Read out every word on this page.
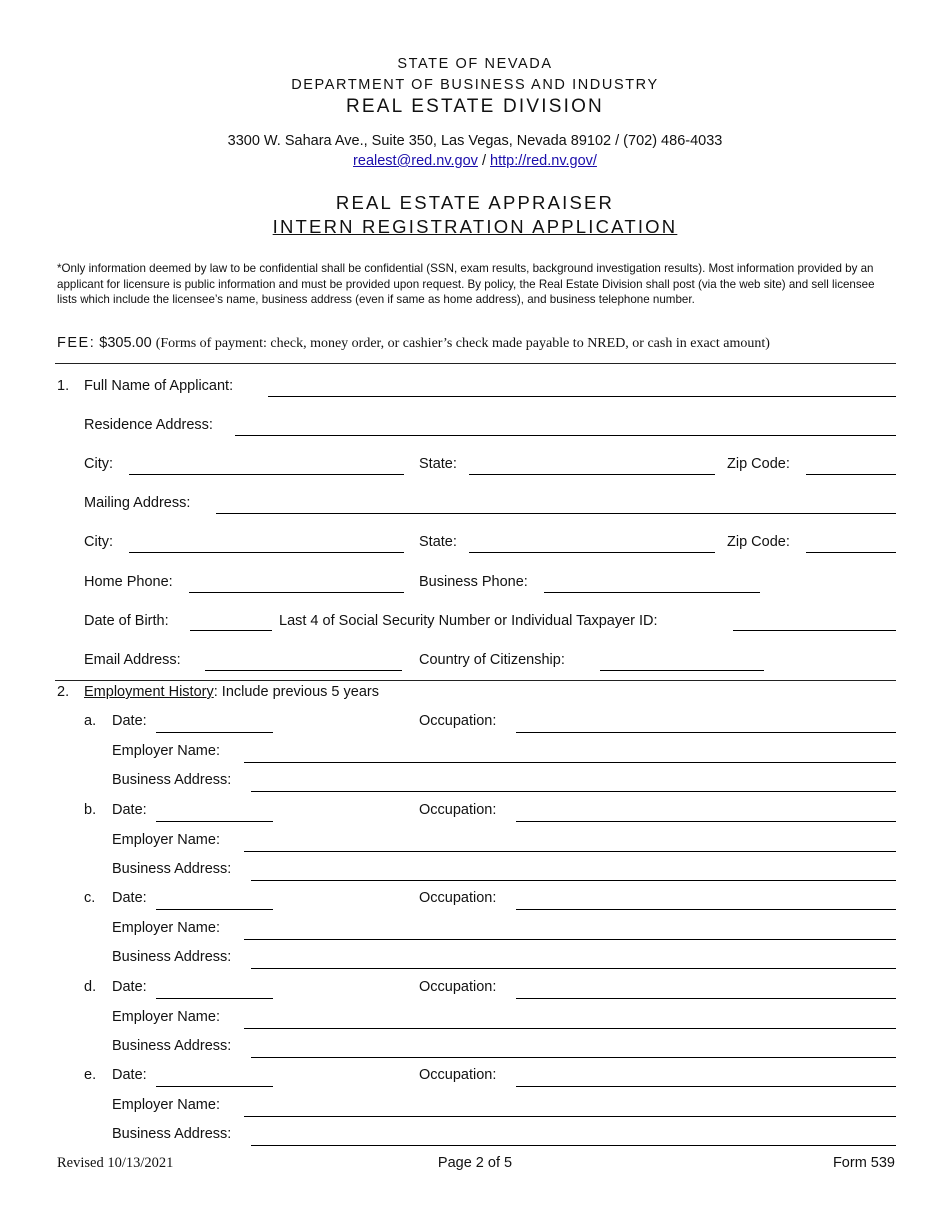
STATE OF NEVADA
DEPARTMENT OF BUSINESS AND INDUSTRY
REAL ESTATE DIVISION
3300 W. Sahara Ave., Suite 350, Las Vegas, Nevada 89102 / (702) 486-4033
realest@red.nv.gov / http://red.nv.gov/
REAL ESTATE APPRAISER
INTERN REGISTRATION APPLICATION
*Only information deemed by law to be confidential shall be confidential (SSN, exam results, background investigation results). Most information provided by an applicant for licensure is public information and must be provided upon request. By policy, the Real Estate Division shall post (via the web site) and sell licensee lists which include the licensee’s name, business address (even if same as home address), and business telephone number.
FEE: $305.00 (Forms of payment: check, money order, or cashier’s check made payable to NRED, or cash in exact amount)
1. Full Name of Applicant:
Residence Address:
City:	State:	Zip Code:
Mailing Address:
City:	State:	Zip Code:
Home Phone:	Business Phone:
Date of Birth:	Last 4 of Social Security Number or Individual Taxpayer ID:
Email Address:	Country of Citizenship:
2. Employment History: Include previous 5 years
a. Date:	Occupation:
Employer Name:
Business Address:
b. Date:	Occupation:
Employer Name:
Business Address:
c. Date:	Occupation:
Employer Name:
Business Address:
d. Date:	Occupation:
Employer Name:
Business Address:
e. Date:	Occupation:
Employer Name:
Business Address:
Revised 10/13/2021	Page 2 of 5	Form 539
